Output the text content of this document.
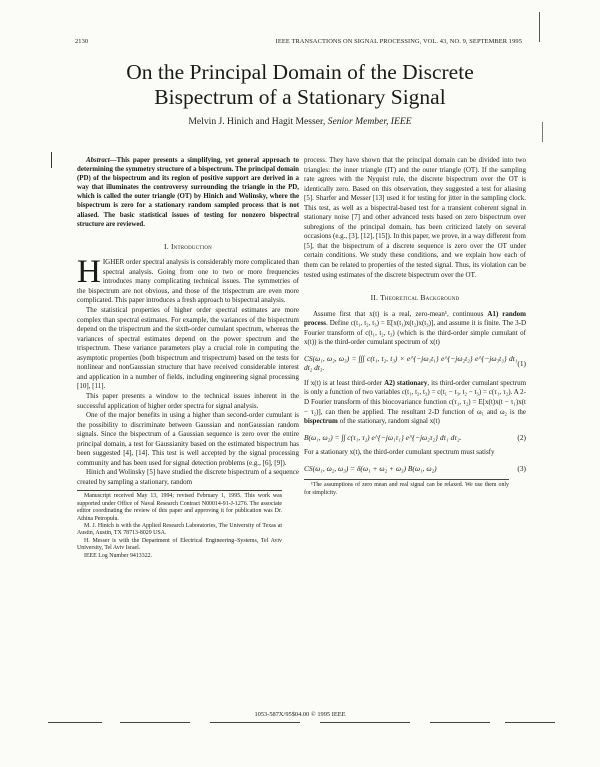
2130	IEEE TRANSACTIONS ON SIGNAL PROCESSING, VOL. 43, NO. 9, SEPTEMBER 1995
On the Principal Domain of the Discrete
Bispectrum of a Stationary Signal
Melvin J. Hinich and Hagit Messer, Senior Member, IEEE

Abstract—This paper presents a simplifying, yet general approach to determining the symmetry structure of a bispectrum. The principal domain (PD) of the bispectrum and its region of positive support are derived in a way that illuminates the controversy surrounding the triangle in the PD, which is called the outer triangle (OT) by Hinich and Wolinsky, where the bispectrum is zero for a stationary random sampled process that is not aliased. The basic statistical issues of testing for nonzero bispectral structure are reviewed.

I. Introduction

HIGHER order spectral analysis is considerably more complicated than spectral analysis. Going from one to two or more frequencies introduces many complicating technical issues. The symmetries of the bispectrum are not obvious, and those of the trispectrum are even more complicated. This paper introduces a fresh approach to bispectral analysis.

The statistical properties of higher order spectral estimates are more complex than spectral estimates. For example, the variances of the bispectrum depend on the trispectrum and the sixth-order cumulant spectrum, whereas the variances of spectral estimates depend on the power spectrum and the trispectrum. These variance parameters play a crucial role in computing the asymptotic properties (both bispectrum and trispectrum) based on the tests for nonlinear and nonGaussian structure that have received considerable interest and application in a number of fields, including engineering signal processing [10], [11].

This paper presents a window to the technical issues inherent in the successful application of higher order spectra for signal analysis.

One of the major benefits in using a higher than second-order cumulant is the possibility to discriminate between Gaussian and nonGaussian random signals. Since the bispectrum of a Gaussian sequence is zero over the entire principal domain, a test for Gaussianity based on the estimated bispectrum has been suggested [4], [14]. This test is well accepted by the signal processing community and has been used for signal detection problems (e.g., [6], [9]).

Hinich and Wolinsky [5] have studied the discrete bispectrum of a sequence created by sampling a stationary, random

Manuscript received May 13, 1994; revised February 1, 1995. This work was supported under Office of Naval Research Contract N00014-91-J-1276. The associate editor coordinating the review of this paper and approving it for publication was Dr. Athina Petropulu.

M. J. Hinich is with the Applied Research Laboratories, The University of Texas at Austin, Austin, TX 78713-8029 USA.

H. Messer is with the Department of Electrical Engineering–Systems, Tel Aviv University, Tel Aviv Israel.

IEEE Log Number 9413322.

process. They have shown that the principal domain can be divided into two triangles: the inner triangle (IT) and the outer triangle (OT). If the sampling rate agrees with the Nyquist rule, the discrete bispectrum over the OT is identically zero. Based on this observation, they suggested a test for aliasing [5]. Sharfer and Messer [13] used it for testing for jitter in the sampling clock. This test, as well as a bispectral-based test for a transient coherent signal in stationary noise [7] and other advanced tests based on zero bispectrum over subregions of the principal domain, has been criticized lately on several occasions (e.g., [3], [12], [15]). In this paper, we prove, in a way different from [5], that the bispectrum of a discrete sequence is zero over the OT under certain conditions. We study these conditions, and we explain how each of them can be related to properties of the tested signal. Thus, its violation can be tested using estimates of the discrete bispectrum over the OT.

II. Theoretical Background

Assume first that x(t) is a real, zero-mean¹, continuous A1) random process. Define c(t₁, t₂, t₃) = E[x(t₁)x(t₂)x(t₃)], and assume it is finite. The 3-D Fourier transform of c(t₁, t₂, t₃) (which is the third-order simple cumulant of x(t)) is the third-order cumulant spectrum of x(t)

CS(ω₁, ω₂, ω₃) = ∫∫∫ c(t₁, t₂, t₃) × e^{−jω₁t₁} e^{−jω₂t₂} e^{−jω₃t₃} dt₁ dt₂ dt₃.
(1)

If x(t) is at least third-order A2) stationary, its third-order cumulant spectrum is only a function of two variables c(t₁, t₂, t₃) = c(t₁ − t₃, t₂ − t₃) = c(τ₁, τ₂). A 2-D Fourier transform of this biocovariance function c(τ₁, τ₂) = E[x(t)x(t − τ₁)x(t − τ₂)], can then be applied. The resultant 2-D function of ω₁ and ω₂ is the bispectrum of the stationary, random signal x(t)

B(ω₁, ω₂) = ∫∫ c(τ₁, τ₂) e^{−jω₁τ₁} e^{−jω₂τ₂} dτ₁ dτ₂.	(2)

For a stationary x(t), the third-order cumulant spectrum must satisfy

CS(ω₁, ω₂, ω₃) = δ(ω₁ + ω₂ + ω₃) B(ω₁, ω₂)	(3)

¹The assumptions of zero mean and real signal can be relaxed. We use them only for simplicity.

1053-587X/95$04.00 © 1995 IEEE
